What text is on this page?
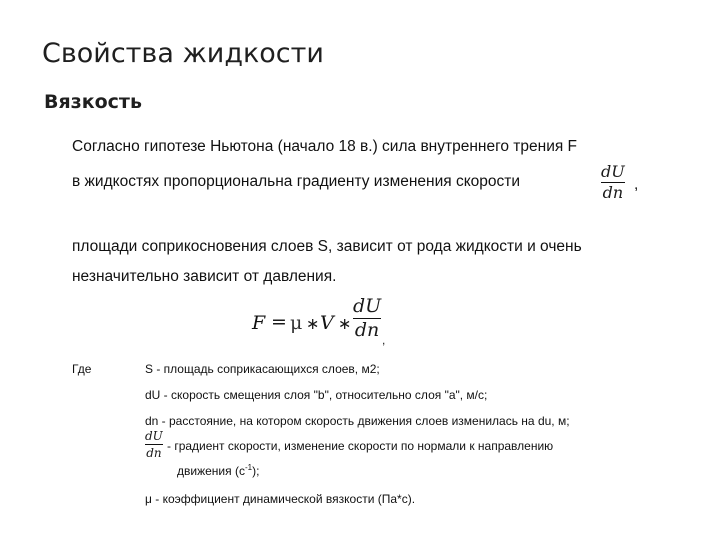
Свойства жидкости
Вязкость
Согласно гипотезе Ньютона (начало 18 в.) сила внутреннего трения F
в жидкостях пропорциональна градиенту изменения скорости
dU
dn ,
площади соприкосновения слоев S, зависит от рода жидкости и очень
незначительно зависит от давления.
F = μ ∗ V ∗
dU
dn ,
Где	S - площадь соприкасающихся слоев, м2;
dU - скорость смещения слоя "b", относительно слоя "a", м/с;
dn - расстояние, на котором скорость движения слоев изменилась на du, м;
dU
dn - градиент скорости, изменение скорости по нормали к направлению
движения $(с^{-1})$;
μ - коэффициент динамической вязкости (Па*с).
